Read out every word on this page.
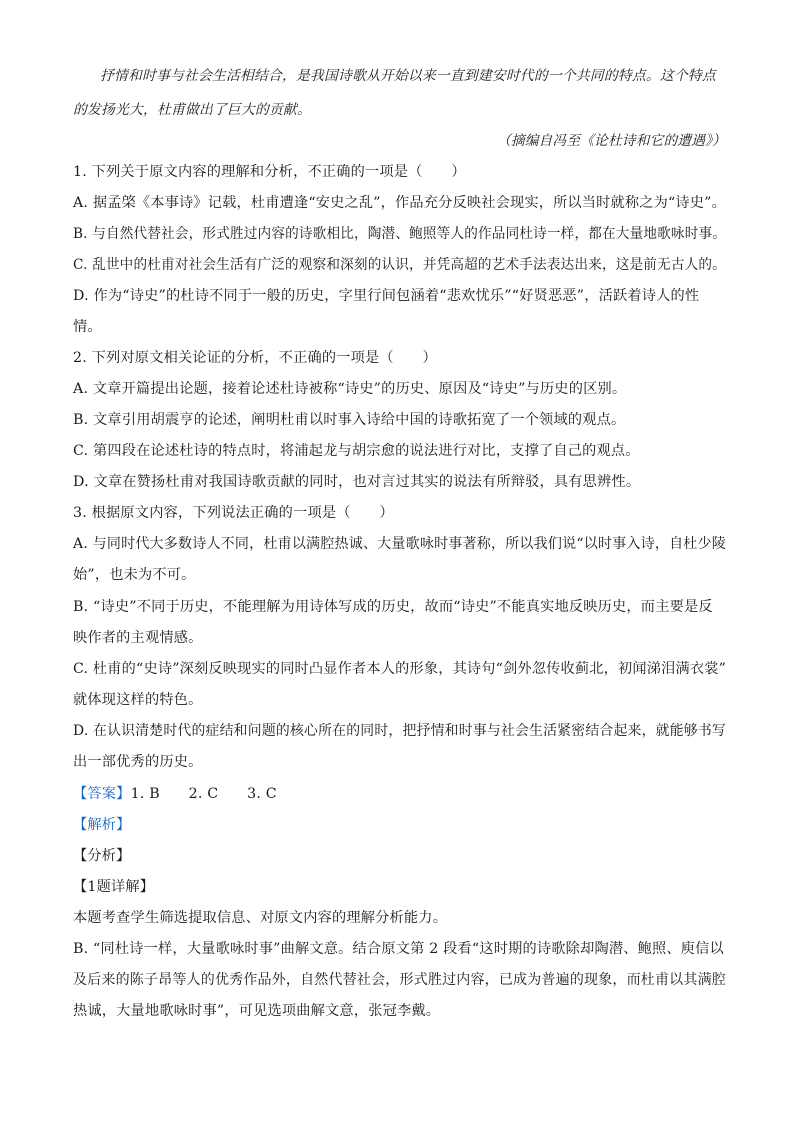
抒情和时事与社会生活相结合，是我国诗歌从开始以来一直到建安时代的一个共同的特点。这个特点
的发扬光大，杜甫做出了巨大的贡献。
（摘编自冯至《论杜诗和它的遭遇》）
1. 下列关于原文内容的理解和分析，不正确的一项是（　　）
A. 据孟棨《本事诗》记载，杜甫遭逢“安史之乱”，作品充分反映社会现实，所以当时就称之为“诗史”。
B. 与自然代替社会，形式胜过内容的诗歌相比，陶潜、鲍照等人的作品同杜诗一样，都在大量地歌咏时事。
C. 乱世中的杜甫对社会生活有广泛的观察和深刻的认识，并凭高超的艺术手法表达出来，这是前无古人的。
D. 作为“诗史”的杜诗不同于一般的历史，字里行间包涵着“悲欢忧乐”“好贤恶恶”，活跃着诗人的性
情。
2. 下列对原文相关论证的分析，不正确的一项是（　　）
A. 文章开篇提出论题，接着论述杜诗被称“诗史”的历史、原因及“诗史”与历史的区别。
B. 文章引用胡震亨的论述，阐明杜甫以时事入诗给中国的诗歌拓宽了一个领域的观点。
C. 第四段在论述杜诗的特点时，将浦起龙与胡宗愈的说法进行对比，支撑了自己的观点。
D. 文章在赞扬杜甫对我国诗歌贡献的同时，也对言过其实的说法有所辩驳，具有思辨性。
3. 根据原文内容，下列说法正确的一项是（　　）
A. 与同时代大多数诗人不同，杜甫以满腔热诚、大量歌咏时事著称，所以我们说“以时事入诗，自杜少陵
始”，也未为不可。
B. “诗史”不同于历史，不能理解为用诗体写成的历史，故而“诗史”不能真实地反映历史，而主要是反
映作者的主观情感。
C. 杜甫的“史诗”深刻反映现实的同时凸显作者本人的形象，其诗句“剑外忽传收蓟北，初闻涕泪满衣裳”
就体现这样的特色。
D. 在认识清楚时代的症结和问题的核心所在的同时，把抒情和时事与社会生活紧密结合起来，就能够书写
出一部优秀的历史。
【答案】1. B　　2. C　　3. C
【解析】
【分析】
【1题详解】
本题考查学生筛选提取信息、对原文内容的理解分析能力。
B. “同杜诗一样，大量歌咏时事”曲解文意。结合原文第 2 段看“这时期的诗歌除却陶潜、鲍照、庾信以
及后来的陈子昂等人的优秀作品外，自然代替社会，形式胜过内容，已成为普遍的现象，而杜甫以其满腔
热诚，大量地歌咏时事”，可见选项曲解文意，张冠李戴。
